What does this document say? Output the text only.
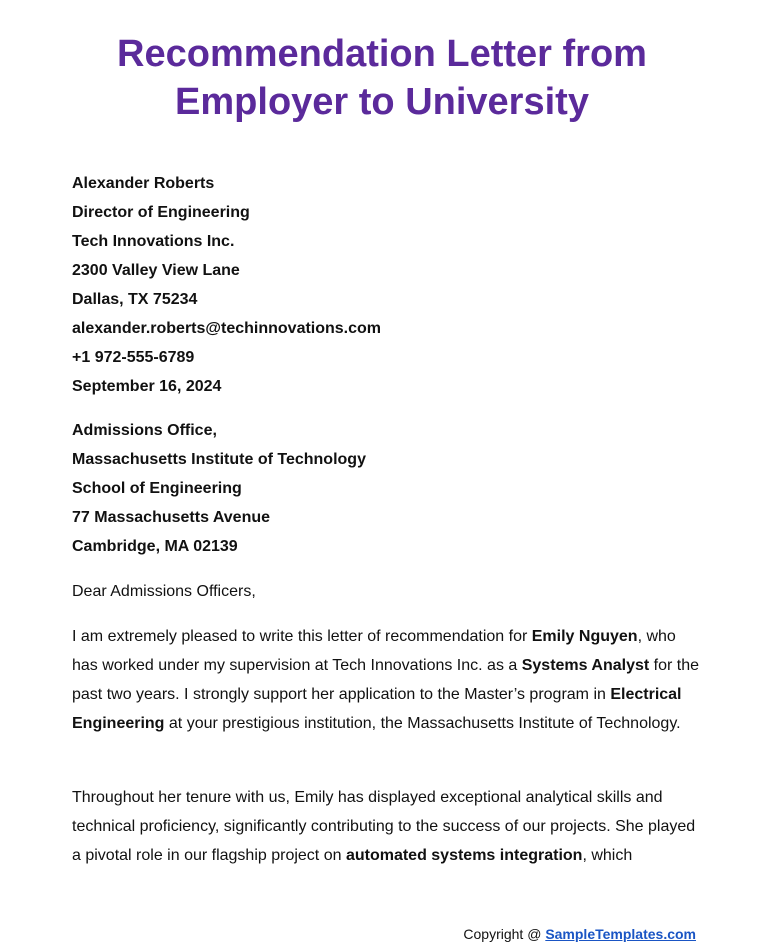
Recommendation Letter from
Employer to University
Alexander Roberts
Director of Engineering
Tech Innovations Inc.
2300 Valley View Lane
Dallas, TX 75234
alexander.roberts@techinnovations.com
+1 972-555-6789
September 16, 2024
Admissions Office,
Massachusetts Institute of Technology
School of Engineering
77 Massachusetts Avenue
Cambridge, MA 02139

Dear Admissions Officers,

I am extremely pleased to write this letter of recommendation for Emily Nguyen, who has worked under my supervision at Tech Innovations Inc. as a Systems Analyst for the past two years. I strongly support her application to the Master’s program in Electrical Engineering at your prestigious institution, the Massachusetts Institute of Technology.

Throughout her tenure with us, Emily has displayed exceptional analytical skills and technical proficiency, significantly contributing to the success of our projects. She played a pivotal role in our flagship project on automated systems integration, which

Copyright @ SampleTemplates.com
